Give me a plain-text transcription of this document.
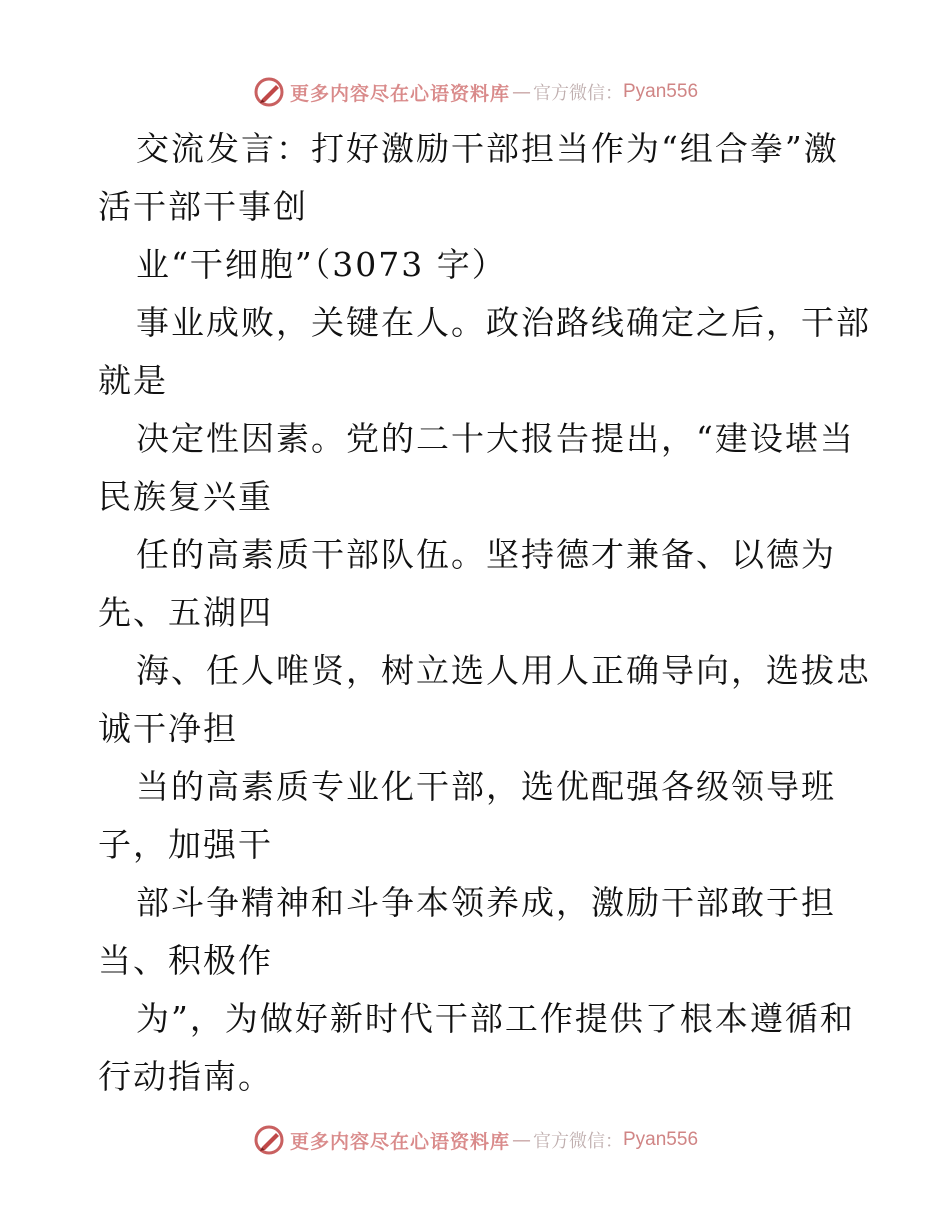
更多内容尽在心语资料库 — 官方微信： Pyan556
交流发言：打好激励干部担当作为“组合拳”激
活干部干事创
业“干细胞”（3073 字）
事业成败，关键在人。政治路线确定之后，干部
就是
决定性因素。党的二十大报告提出，“建设堪当
民族复兴重
任的高素质干部队伍。坚持德才兼备、以德为
先、五湖四
海、任人唯贤，树立选人用人正确导向，选拔忠
诚干净担
当的高素质专业化干部，选优配强各级领导班
子，加强干
部斗争精神和斗争本领养成，激励干部敢于担
当、积极作
为”，为做好新时代干部工作提供了根本遵循和
行动指南。
更多内容尽在心语资料库 — 官方微信： Pyan556
